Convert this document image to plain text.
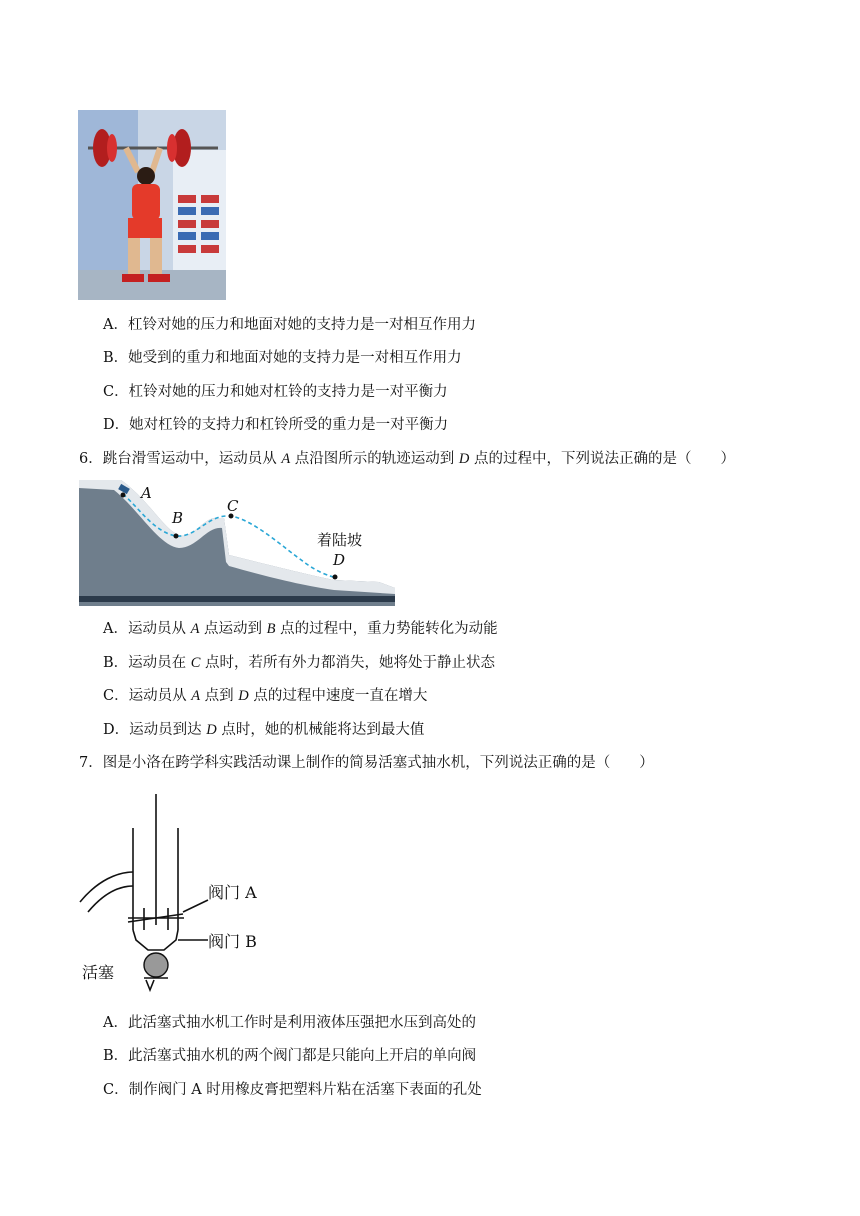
A．杠铃对她的压力和地面对她的支持力是一对相互作用力
B．她受到的重力和地面对她的支持力是一对相互作用力
C．杠铃对她的压力和她对杠铃的支持力是一对平衡力
D．她对杠铃的支持力和杠铃所受的重力是一对平衡力
6．跳台滑雪运动中，运动员从 A 点沿图所示的轨迹运动到 D 点的过程中，下列说法正确的是（　　）
A
B
C
着陆坡
D
A．运动员从 A 点运动到 B 点的过程中，重力势能转化为动能
B．运动员在 C 点时，若所有外力都消失，她将处于静止状态
C．运动员从 A 点到 D 点的过程中速度一直在增大
D．运动员到达 D 点时，她的机械能将达到最大值
7．图是小洛在跨学科实践活动课上制作的简易活塞式抽水机，下列说法正确的是（　　）
阀门 A
阀门 B
活塞
A．此活塞式抽水机工作时是利用液体压强把水压到高处的
B．此活塞式抽水机的两个阀门都是只能向上开启的单向阀
C．制作阀门 A 时用橡皮膏把塑料片粘在活塞下表面的孔处
